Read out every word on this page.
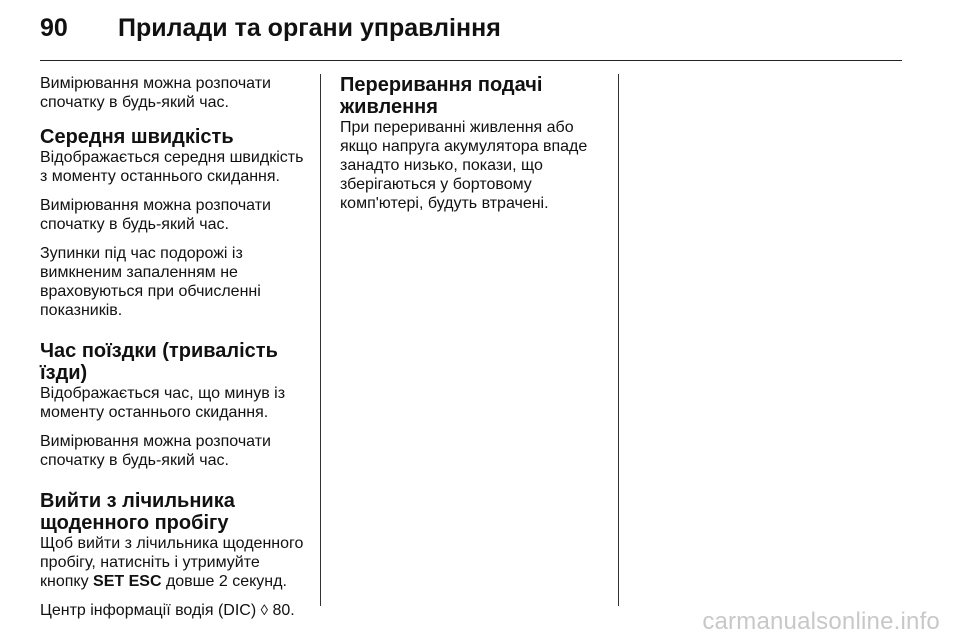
90 Прилади та органи управління

Вимірювання можна розпочати
спочатку в будь-який час.

Середня швидкість

Відображається середня швидкість
з моменту останнього скидання.

Вимірювання можна розпочати
спочатку в будь-який час.

Зупинки під час подорожі із
вимкненим запаленням не
враховуються при обчисленні
показників.

Час поїздки (тривалість їзди)

Відображається час, що минув із
моменту останнього скидання.

Вимірювання можна розпочати
спочатку в будь-який час.

Вийти з лічильника
щоденного пробігу

Щоб вийти з лічильника щоденного
пробігу, натисніть і утримуйте
кнопку SET ESC довше 2 секунд.

Центр інформації водія (DIC) ◊ 80.

Переривання подачі
живлення

При перериванні живлення або
якщо напруга акумулятора впаде
занадто низько, покази, що
зберігаються у бортовому
комп'ютері, будуть втрачені.

carmanualsonline.info
